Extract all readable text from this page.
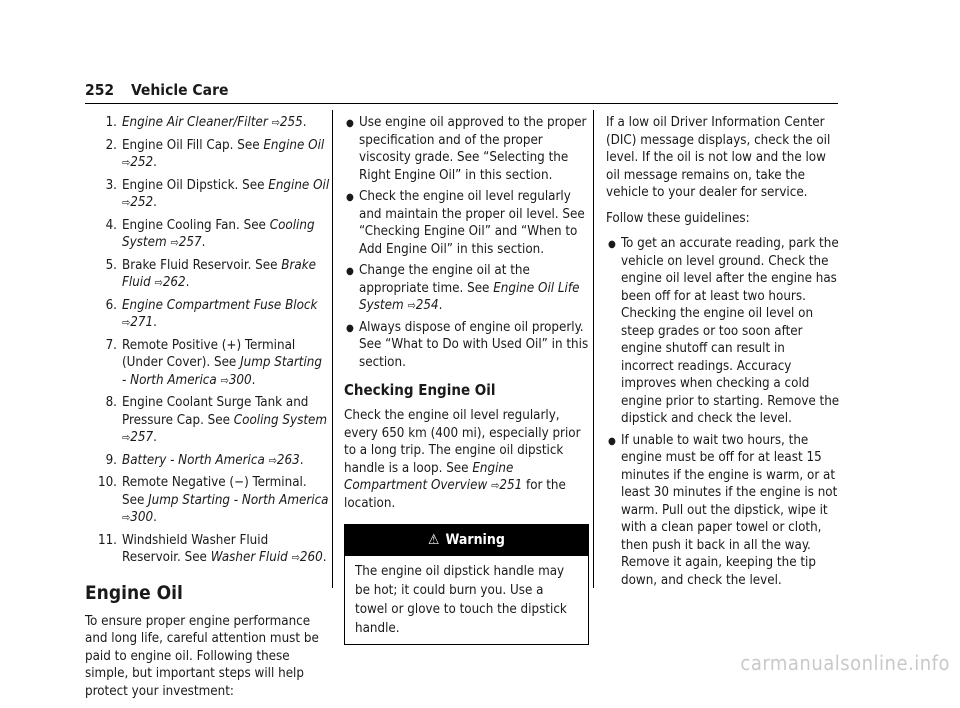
252 Vehicle Care
1. Engine Air Cleaner/Filter ⇨255.
2. Engine Oil Fill Cap. See Engine Oil ⇨252.
3. Engine Oil Dipstick. See Engine Oil ⇨252.
4. Engine Cooling Fan. See Cooling System ⇨257.
5. Brake Fluid Reservoir. See Brake Fluid ⇨262.
6. Engine Compartment Fuse Block ⇨271.
7. Remote Positive (+) Terminal (Under Cover). See Jump Starting - North America ⇨300.
8. Engine Coolant Surge Tank and Pressure Cap. See Cooling System ⇨257.
9. Battery - North America ⇨263.
10. Remote Negative (−) Terminal. See Jump Starting - North America ⇨300.
11. Windshield Washer Fluid Reservoir. See Washer Fluid ⇨260.
Engine Oil

To ensure proper engine performance and long life, careful attention must be paid to engine oil. Following these simple, but important steps will help protect your investment:

● Use engine oil approved to the proper specification and of the proper viscosity grade. See “Selecting the Right Engine Oil” in this section.
● Check the engine oil level regularly and maintain the proper oil level. See “Checking Engine Oil” and “When to Add Engine Oil” in this section.
● Change the engine oil at the appropriate time. See Engine Oil Life System ⇨254.
● Always dispose of engine oil properly. See “What to Do with Used Oil” in this section.
Checking Engine Oil

Check the engine oil level regularly, every 650 km (400 mi), especially prior to a long trip. The engine oil dipstick handle is a loop. See Engine Compartment Overview ⇨251 for the location.

⚠ Warning
The engine oil dipstick handle may be hot; it could burn you. Use a towel or glove to touch the dipstick handle.

If a low oil Driver Information Center (DIC) message displays, check the oil level. If the oil is not low and the low oil message remains on, take the vehicle to your dealer for service.

Follow these guidelines:

● To get an accurate reading, park the vehicle on level ground. Check the engine oil level after the engine has been off for at least two hours. Checking the engine oil level on steep grades or too soon after engine shutoff can result in incorrect readings. Accuracy improves when checking a cold engine prior to starting. Remove the dipstick and check the level.
● If unable to wait two hours, the engine must be off for at least 15 minutes if the engine is warm, or at least 30 minutes if the engine is not warm. Pull out the dipstick, wipe it with a clean paper towel or cloth, then push it back in all the way. Remove it again, keeping the tip down, and check the level.
carmanualsonline.info
